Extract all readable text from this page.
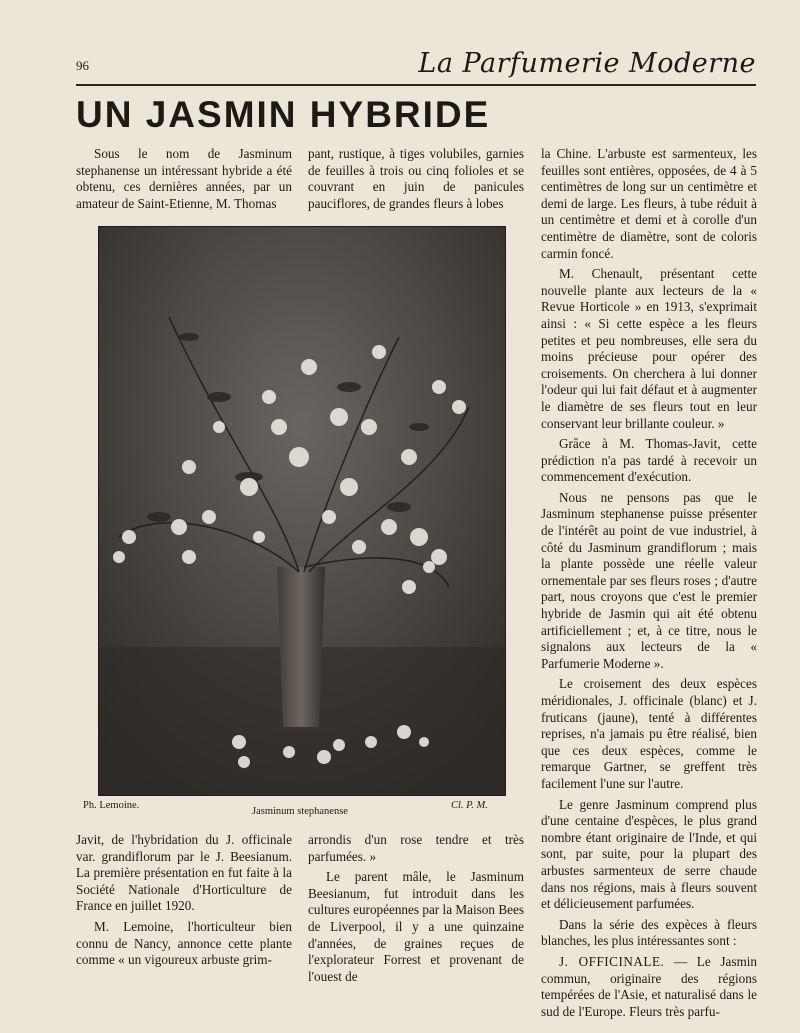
96	La Parfumerie Moderne
UN JASMIN HYBRIDE

Sous le nom de Jasminum stephanense un intéressant hybride a été obtenu, ces dernières années, par un amateur de Saint-Etienne, M. Thomas

pant, rustique, à tiges volubiles, garnies de feuilles à trois ou cinq folioles et se couvrant en juin de panicules pauciflores, de grandes fleurs à lobes

la Chine. L'arbuste est sarmenteux, les feuilles sont entières, opposées, de 4 à 5 centimètres de long sur un centimètre et demi de large. Les fleurs, à tube réduit à un centimètre et demi et à corolle d'un centimètre de diamètre, sont de coloris carmin foncé.

M. Chenault, présentant cette nouvelle plante aux lecteurs de la « Revue Horticole » en 1913, s'exprimait ainsi : « Si cette espèce a les fleurs petites et peu nombreuses, elle sera du moins précieuse pour opérer des croisements. On cherchera à lui donner l'odeur qui lui fait défaut et à augmenter le diamètre de ses fleurs tout en leur conservant leur brillante couleur. »

Grâce à M. Thomas-Javit, cette prédiction n'a pas tardé à recevoir un commencement d'exécution.

Nous ne pensons pas que le Jasminum stephanense puisse présenter de l'intérêt au point de vue industriel, à côté du Jasminum grandiflorum ; mais la plante possède une réelle valeur ornementale par ses fleurs roses ; d'autre part, nous croyons que c'est le premier hybride de Jasmin qui ait été obtenu artificiellement ; et, à ce titre, nous le signalons aux lecteurs de la « Parfumerie Moderne ».

Le croisement des deux espèces méridionales, J. officinale (blanc) et J. fruticans (jaune), tenté à différentes reprises, n'a jamais pu être réalisé, bien que ces deux espèces, comme le remarque Gartner, se greffent très facilement l'une sur l'autre.

Le genre Jasminum comprend plus d'une centaine d'espèces, le plus grand nombre étant originaire de l'Inde, et qui sont, par suite, pour la plupart des arbustes sarmenteux de serre chaude dans nos régions, mais à fleurs souvent et délicieusement parfumées.

Dans la série des expèces à fleurs blanches, les plus intéressantes sont :

J. OFFICINALE. — Le Jasmin commun, originaire des régions tempérées de l'Asie, et naturalisé dans le sud de l'Europe. Fleurs très parfu-

Ph. Lemoine.
Jasminum stephanense
Cl. P. M.

Javit, de l'hybridation du J. officinale var. grandiflorum par le J. Beesianum. La première présentation en fut faite à la Société Nationale d'Horticulture de France en juillet 1920.

M. Lemoine, l'horticulteur bien connu de Nancy, annonce cette plante comme « un vigoureux arbuste grim-

arrondis d'un rose tendre et très parfumées. »

Le parent mâle, le Jasminum Beesianum, fut introduit dans les cultures européennes par la Maison Bees de Liverpool, il y a une quinzaine d'années, de graines reçues de l'explorateur Forrest et provenant de l'ouest de
